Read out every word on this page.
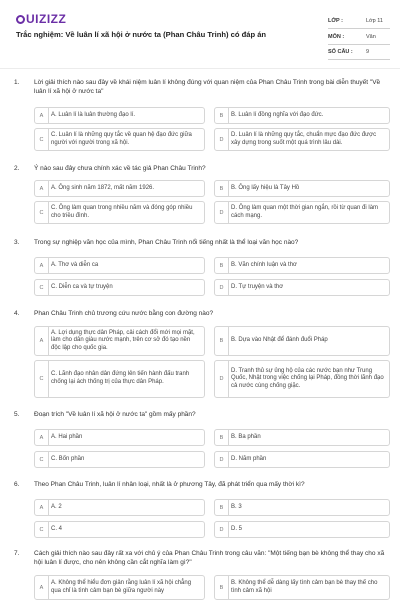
UIZIZZ
Trắc nghiệm: Về luân lí xã hội ở nước ta (Phan Châu Trinh) có đáp án
LỚP :	Lớp 11
MÔN :	Văn
SỐ CÂU : 9
1. Lời giải thích nào sau đây về khái niệm luân lí không đúng với quan niệm của Phan Châu Trinh trong bài diễn thuyết "Về luân lí xã hội ở nước ta"
A	A. Luân lí là luân thường đạo lí.	B	B. Luân lí đồng nghĩa với đạo đức.
C
C. Luân lí là những quy tắc về quan hệ đạo đức giữa người với người trong xã hội.	D
D. Luân lí là những quy tắc, chuẩn mực đạo đức được xây dựng trong suốt một quá trình lâu dài.
2. Ý nào sau đây chưa chính xác về tác giả Phan Châu Trinh?
A	A. Ông sinh năm 1872, mất năm 1926.	B	B. Ông lấy hiệu là Tây Hồ
C
C. Ông làm quan trong nhiều năm và đóng góp nhiều cho triều đình.	D
D. Ông làm quan một thời gian ngắn, rồi từ quan đi làm cách mạng.
3. Trong sự nghiệp văn học của mình, Phan Châu Trinh nổi tiếng nhất là thể loại văn học nào?
A	A. Thơ và diễn ca	B	B. Văn chính luận và thơ
C	C. Diễn ca và tự truyện	D	D. Tự truyện và thơ
4. Phan Châu Trinh chủ trương cứu nước bằng con đường nào?
A
A. Lợi dụng thực dân Pháp, cải cách đổi mới mọi mặt, làm cho dân giàu nước mạnh, trên cơ sở đó tạo nền độc lập cho quốc gia.
B	B. Dựa vào Nhật để đánh đuổi Pháp
C
C. Lãnh đạo nhân dân đứng lên tiến hành đấu tranh chống lại ách thống trị của thực dân Pháp.	D
D. Tranh thủ sự ủng hộ của các nước bạn như Trung Quốc, Nhật trong việc chống lại Pháp, đồng thời lãnh đạo cả nước cùng chống giặc.
5. Đoạn trích "Về luân lí xã hội ở nước ta" gồm mấy phần?
A	A. Hai phần	B	B. Ba phần
C	C. Bốn phần	D	D. Năm phần
6. Theo Phan Châu Trinh, luân lí nhân loại, nhất là ở phương Tây, đã phát triển qua mấy thời kì?
A	A. 2	B	B. 3
C	C. 4	D	D. 5
7. Cách giải thích nào sau đây rất xa với chủ ý của Phan Châu Trinh trong câu văn: "Một tiếng bạn bè không thể thay cho xã hội luân lí được, cho nên không cần cắt nghĩa làm gì?"
A
A. Không thể hiểu đơn giản rằng luân lí xã hội chẳng qua chỉ là tình cảm bạn bè giữa người này	B
B. Không thể dễ dàng lấy tình cảm bạn bè thay thế cho tình cảm xã hội
